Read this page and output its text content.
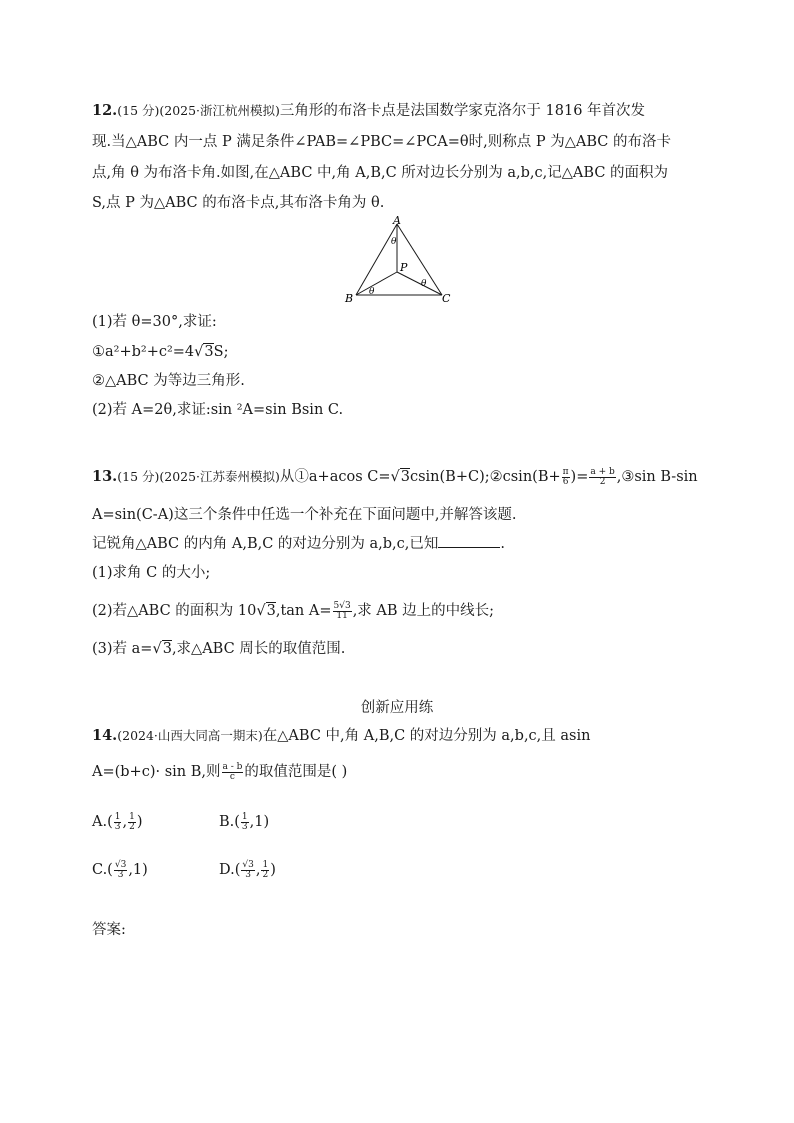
12.(15 分)(2025·浙江杭州模拟)三角形的布洛卡点是法国数学家克洛尔于 1816 年首次发
现.当△ABC 内一点 P 满足条件∠PAB=∠PBC=∠PCA=θ时,则称点 P 为△ABC 的布洛卡
点,角 θ 为布洛卡角.如图,在△ABC 中,角 A,B,C 所对边长分别为 a,b,c,记△ABC 的面积为
S,点 P 为△ABC 的布洛卡点,其布洛卡角为 θ.
A
B	C
P
θ
θ
θ
(1)若 θ=30°,求证:
①a²+b²+c²=4√3S;
②△ABC 为等边三角形.
(2)若 A=2θ,求证:sin ²A=sin Bsin C.
13.(15 分)(2025·江苏泰州模拟)从①a+acos C=√3csin(B+C);②csin(B+ $\frac{\pi}{6}$ )= $\frac{a + b}{2}$ ,③sin B-sin
A=sin(C-A)这三个条件中任选一个补充在下面问题中,并解答该题.
记锐角△ABC 的内角 A,B,C 的对边分别为 a,b,c,已知	.
(1)求角 C 的大小;
(2)若△ABC 的面积为 10√3,tan $A= \frac{5√3}{11}$ ,求 AB 边上的中线长;
(3)若 a=√3,求△ABC 周长的取值范围.
创新应用练
14.(2024·山西大同高一期末)在△ABC 中,角 A,B,C 的对边分别为 a,b,c,且 asin
A=(b+c)· sin B,则 $\frac{a - b}{c}$ 的取值范围是( )
$A.( \frac{1}{3}$ , $\frac{1}{2}$ )	$B.( \frac{1}{3} ,1)$
$C.( \frac{√3}{3} ,1)$	$D.( \frac{√3}{3}$ , $\frac{1}{2}$ )
答案:
